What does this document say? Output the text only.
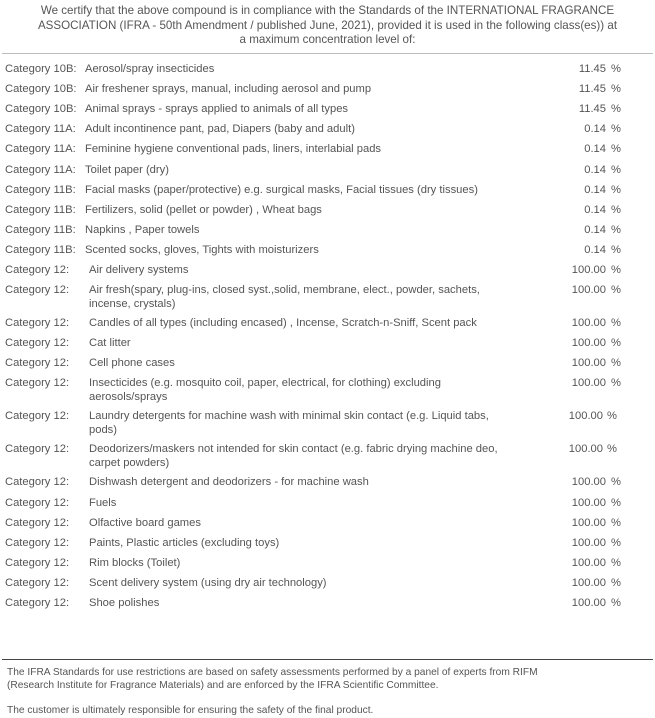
We certify that the above compound is in compliance with the Standards of the INTERNATIONAL FRAGRANCE
ASSOCIATION (IFRA - 50th Amendment / published June, 2021), provided it is used in the following class(es)) at
a maximum concentration level of:
Category 10B: Aerosol/spray insecticides	11.45 %
Category 10B: Air freshener sprays, manual, including aerosol and pump	11.45 %
Category 10B: Animal sprays - sprays applied to animals of all types	11.45 %
Category 11A: Adult incontinence pant, pad, Diapers (baby and adult)	0.14 %
Category 11A: Feminine hygiene conventional pads, liners, interlabial pads	0.14 %
Category 11A: Toilet paper (dry)	0.14 %
Category 11B: Facial masks (paper/protective) e.g. surgical masks, Facial tissues (dry tissues)	0.14 %
Category 11B: Fertilizers, solid (pellet or powder) , Wheat bags	0.14 %
Category 11B: Napkins , Paper towels	0.14 %
Category 11B: Scented socks, gloves, Tights with moisturizers	0.14 %
Category 12: Air delivery systems	100.00 %
Category 12: Air fresh(spary, plug-ins, closed syst.,solid, membrane, elect., powder, sachets,
incense, crystals)
100.00 %
Category 12: Candles of all types (including encased) , Incense, Scratch-n-Sniff, Scent pack	100.00 %
Category 12: Cat litter	100.00 %
Category 12: Cell phone cases	100.00 %
Category 12: Insecticides (e.g. mosquito coil, paper, electrical, for clothing) excluding
aerosols/sprays
100.00 %
Category 12: Laundry detergents for machine wash with minimal skin contact (e.g. Liquid tabs,
pods)
100.00 %
Category 12: Deodorizers/maskers not intended for skin contact (e.g. fabric drying machine deo,
carpet powders)
100.00 %
Category 12: Dishwash detergent and deodorizers - for machine wash	100.00 %
Category 12: Fuels	100.00 %
Category 12: Olfactive board games	100.00 %
Category 12: Paints, Plastic articles (excluding toys)	100.00 %
Category 12: Rim blocks (Toilet)	100.00 %
Category 12: Scent delivery system (using dry air technology)	100.00 %
Category 12: Shoe polishes	100.00 %
The IFRA Standards for use restrictions are based on safety assessments performed by a panel of experts from RIFM
(Research Institute for Fragrance Materials) and are enforced by the IFRA Scientific Committee.
The customer is ultimately responsible for ensuring the safety of the final product.
